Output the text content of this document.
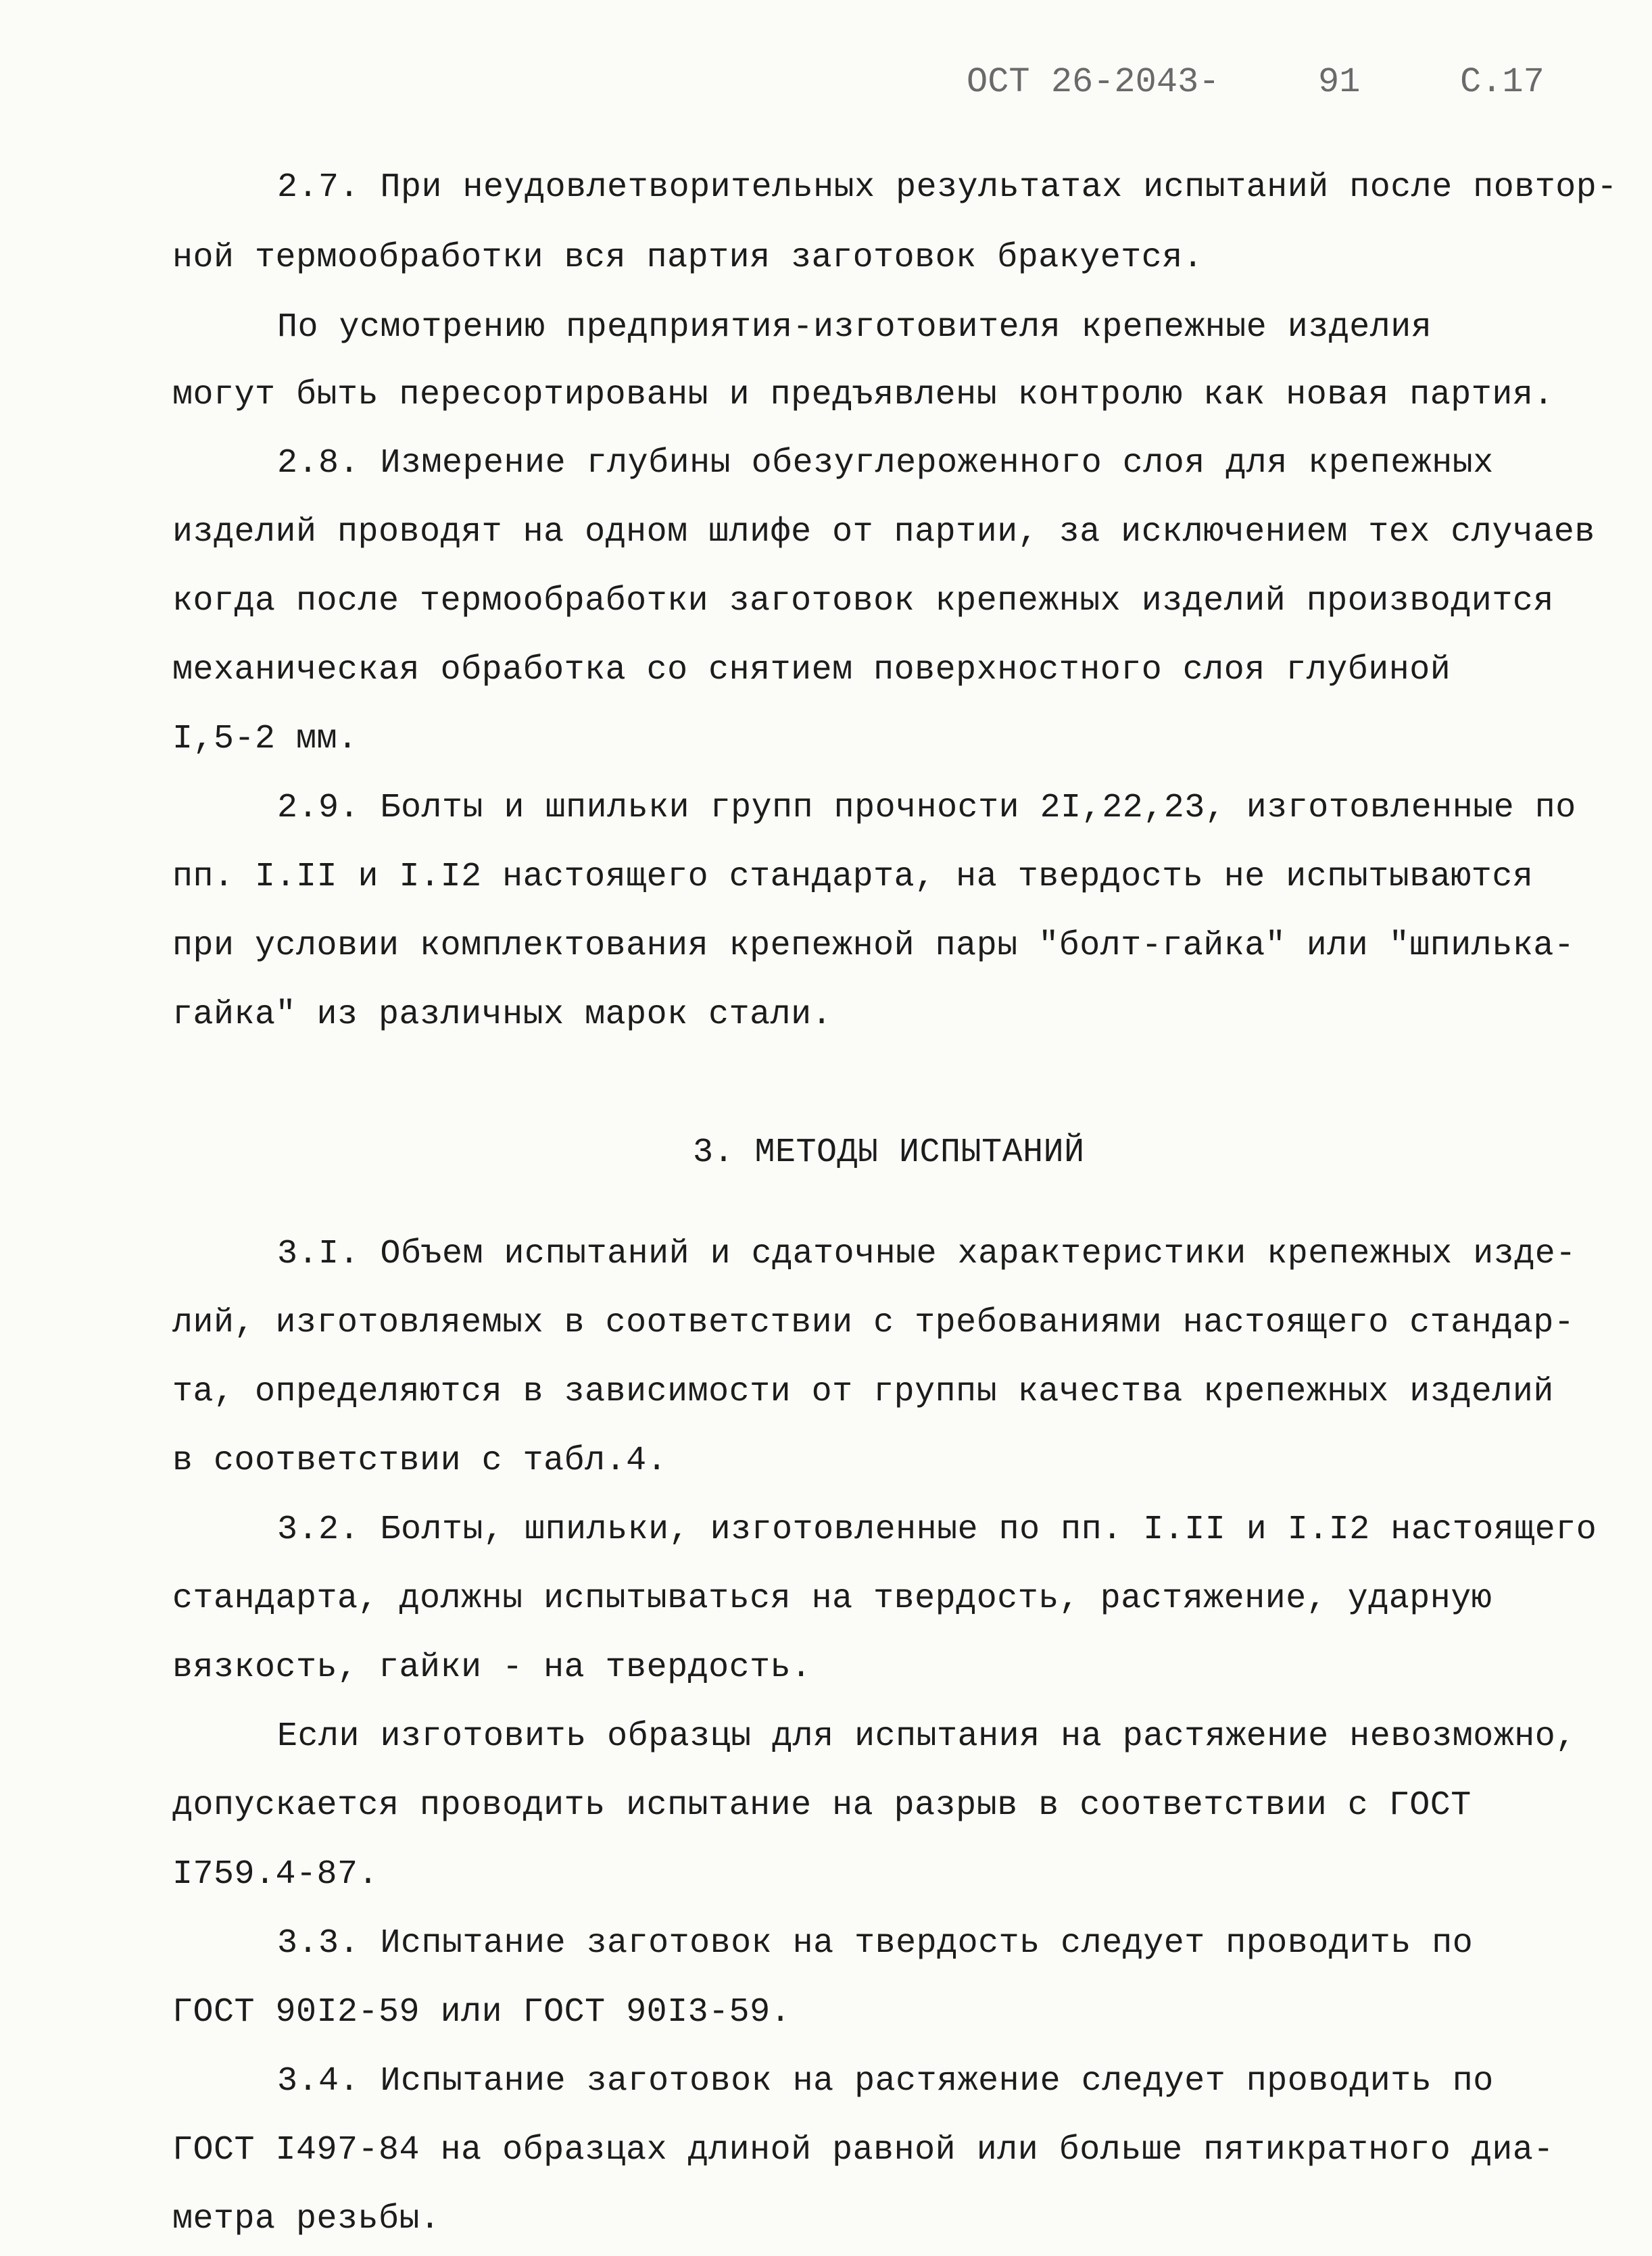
ОСТ 26-2043-	91	С.17
2.7. При неудовлетворительных результатах испытаний после повтор-
ной термообработки вся партия заготовок бракуется.
По усмотрению предприятия-изготовителя крепежные изделия
могут быть пересортированы и предъявлены контролю как новая партия.
2.8. Измерение глубины обезуглероженного слоя для крепежных
изделий проводят на одном шлифе от партии, за исключением тех случаев
когда после термообработки заготовок крепежных изделий производится
механическая обработка со снятием поверхностного слоя глубиной
I,5-2 мм.
2.9. Болты и шпильки групп прочности 2I,22,23, изготовленные по
пп. I.II и I.I2 настоящего стандарта, на твердость не испытываются
при условии комплектования крепежной пары "болт-гайка" или "шпилька-
гайка" из различных марок стали.
3. МЕТОДЫ ИСПЫТАНИЙ
3.I. Объем испытаний и сдаточные характеристики крепежных изде-
лий, изготовляемых в соответствии с требованиями настоящего стандар-
та, определяются в зависимости от группы качества крепежных изделий
в соответствии с табл.4.
3.2. Болты, шпильки, изготовленные по пп. I.II и I.I2 настоящего
стандарта, должны испытываться на твердость, растяжение, ударную
вязкость, гайки - на твердость.
Если изготовить образцы для испытания на растяжение невозможно,
допускается проводить испытание на разрыв в соответствии с ГОСТ
I759.4-87.
3.3. Испытание заготовок на твердость следует проводить по
ГОСТ 90I2-59 или ГОСТ 90I3-59.
3.4. Испытание заготовок на растяжение следует проводить по
ГОСТ I497-84 на образцах длиной равной или больше пятикратного диа-
метра резьбы.
